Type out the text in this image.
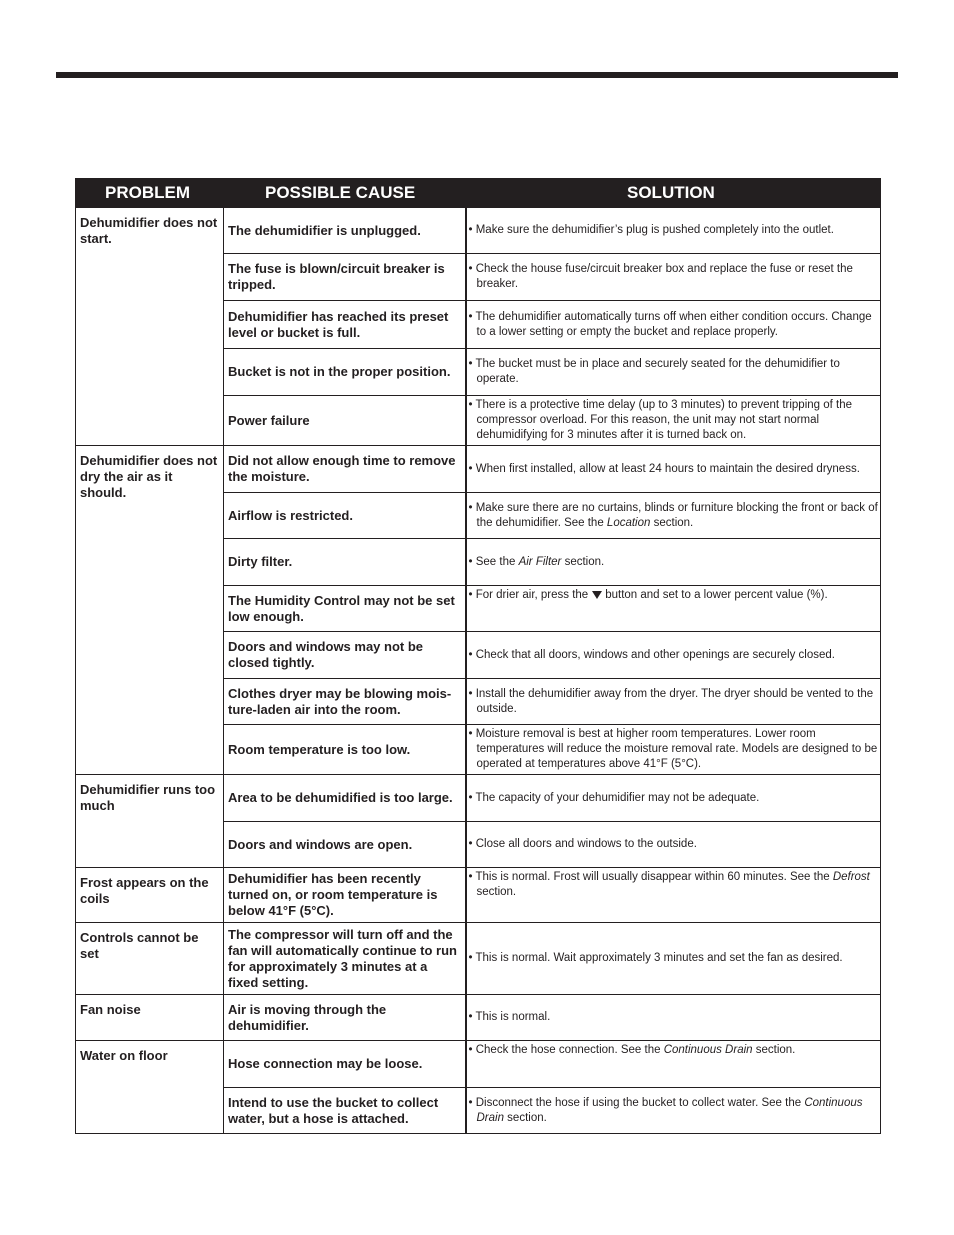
PROBLEM	POSSIBLE CAUSE	SOLUTION
Dehumidifier does not start.	The dehumidifier is unplugged.	• Make sure the dehumidifier’s plug is pushed completely into the outlet.

	The fuse is blown/circuit breaker is tripped.	• Check the house fuse/circuit breaker box and replace the fuse or reset the breaker.

	Dehumidifier has reached its preset level or bucket is full.	• The dehumidifier automatically turns off when either condition occurs. Change to a lower setting or empty the bucket and replace properly.

	Bucket is not in the proper position.	• The bucket must be in place and securely seated for the dehumidifier to operate.

	Power failure	• There is a protective time delay (up to 3 minutes) to prevent tripping of the compressor overload. For this reason, the unit may not start normal dehumidifying for 3 minutes after it is turned back on.

Dehumidifier does not dry the air as it should.	Did not allow enough time to remove the moisture.	• When first installed, allow at least 24 hours to maintain the desired dryness.

	Airflow is restricted.	• Make sure there are no curtains, blinds or furniture blocking the front or back of the dehumidifier. See the Location section.

	Dirty filter.	• See the Air Filter section.

	The Humidity Control may not be set low enough.	• For drier air, press the button and set to a lower percent value (%).

	Doors and windows may not be closed tightly.	• Check that all doors, windows and other openings are securely closed.

	Clothes dryer may be blowing mois-ture-laden air into the room.	• Install the dehumidifier away from the dryer. The dryer should be vented to the outside.

	Room temperature is too low.	• Moisture removal is best at higher room temperatures. Lower room temperatures will reduce the moisture removal rate. Models are designed to be operated at temperatures above 41°F (5°C).

Dehumidifier runs too much	Area to be dehumidified is too large.	• The capacity of your dehumidifier may not be adequate.

	Doors and windows are open.	• Close all doors and windows to the outside.

Frost appears on the coils	Dehumidifier has been recently turned on, or room temperature is below 41°F (5°C).	• This is normal. Frost will usually disappear within 60 minutes. See the Defrost section.

Controls cannot be set	The compressor will turn off and the fan will automatically continue to run for approximately 3 minutes at a fixed setting.	• This is normal. Wait approximately 3 minutes and set the fan as desired.

Fan noise	Air is moving through the dehumidifier.	• This is normal.

Water on floor	Hose connection may be loose.	• Check the hose connection. See the Continuous Drain section.

	Intend to use the bucket to collect water, but a hose is attached.	• Disconnect the hose if using the bucket to collect water. See the Continuous Drain section.
